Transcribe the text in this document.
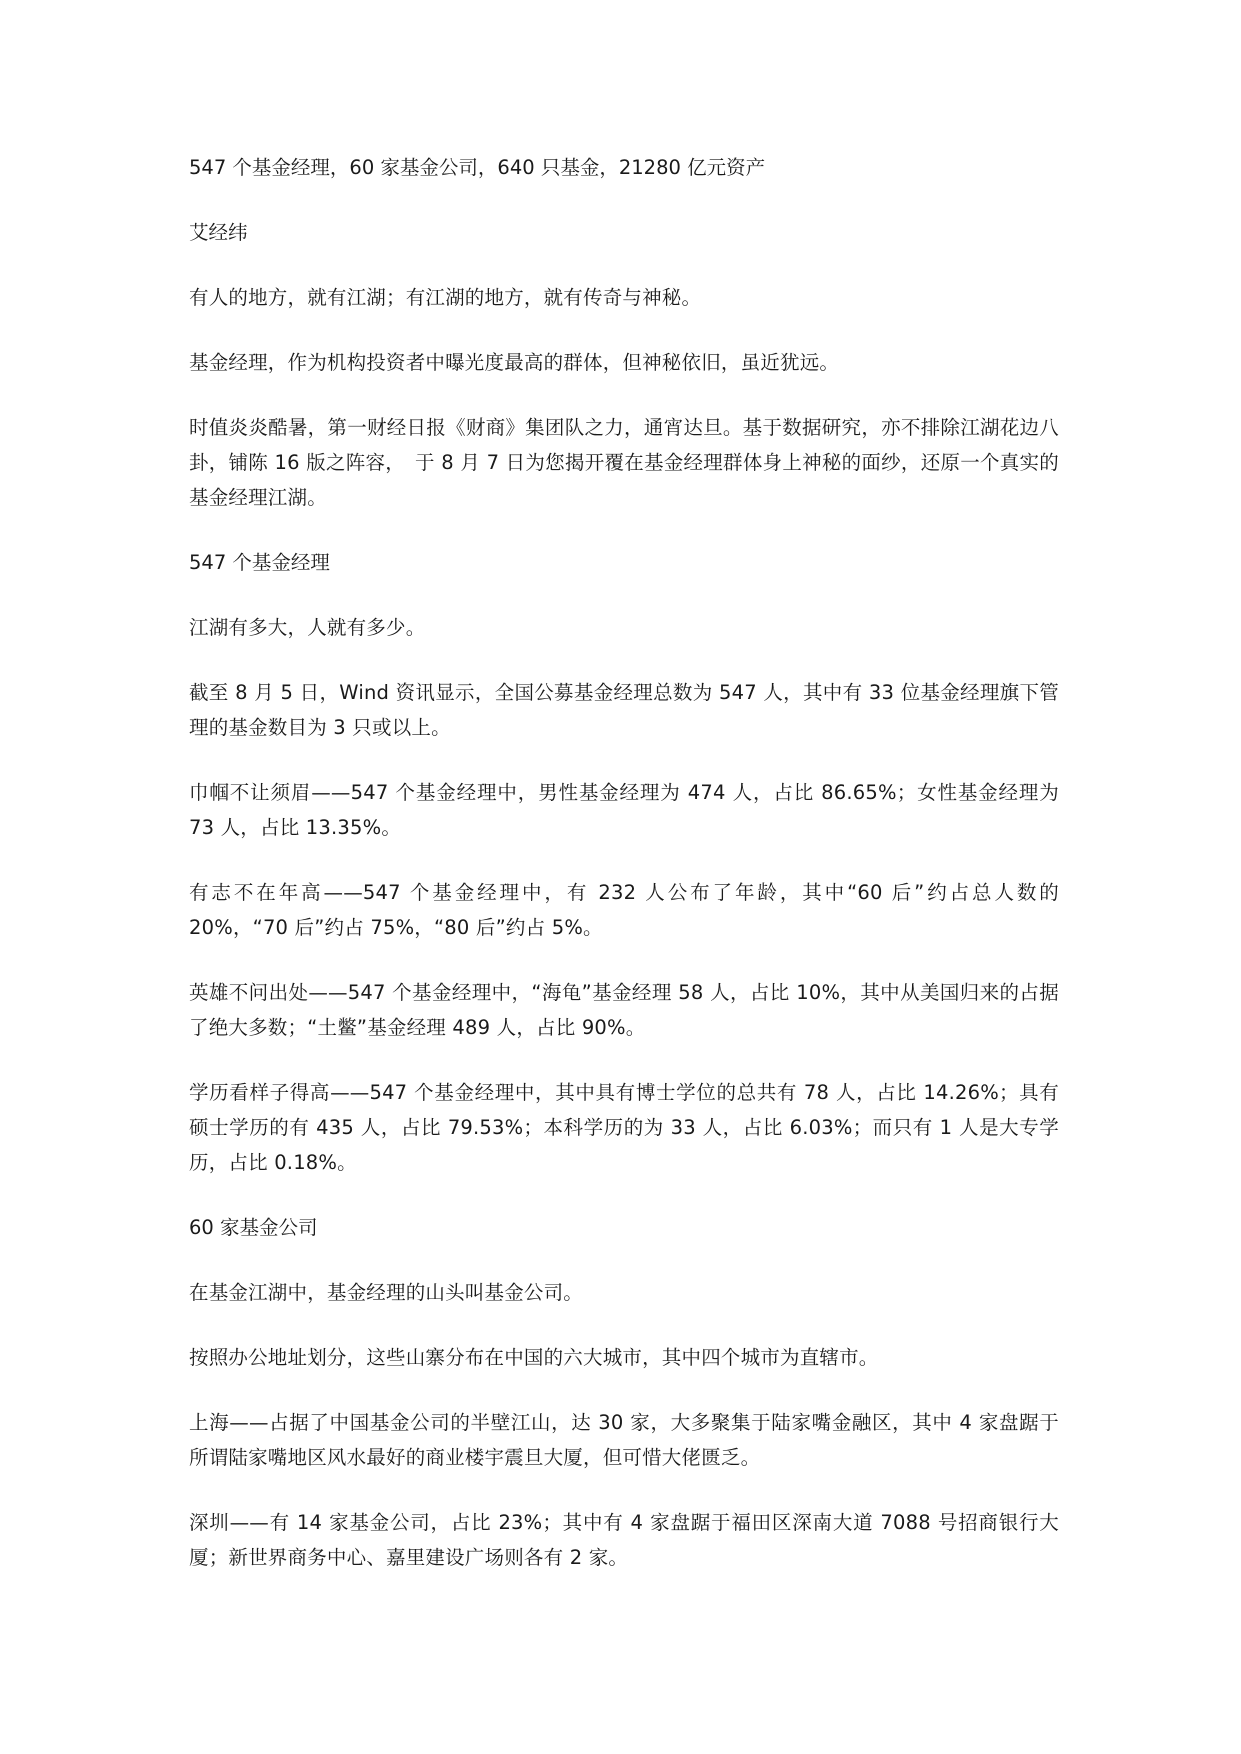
547 个基金经理，60 家基金公司，640 只基金，21280 亿元资产

艾经纬

有人的地方，就有江湖；有江湖的地方，就有传奇与神秘。

基金经理，作为机构投资者中曝光度最高的群体，但神秘依旧，虽近犹远。

时值炎炎酷暑，第一财经日报《财商》集团队之力，通宵达旦。基于数据研究，亦不排除江湖花边八卦，铺陈 16 版之阵容，　于 8 月 7 日为您揭开覆在基金经理群体身上神秘的面纱，还原一个真实的基金经理江湖。

547 个基金经理

江湖有多大，人就有多少。

截至 8 月 5 日，Wind 资讯显示，全国公募基金经理总数为 547 人，其中有 33 位基金经理旗下管理的基金数目为 3 只或以上。

巾帼不让须眉——547 个基金经理中，男性基金经理为 474 人，占比 86.65%；女性基金经理为 73 人，占比 13.35%。

有志不在年高——547 个基金经理中，有 232 人公布了年龄，其中“60 后”约占总人数的 20%，“70 后”约占 75%，“80 后”约占 5%。

英雄不问出处——547 个基金经理中，“海龟”基金经理 58 人，占比 10%，其中从美国归来的占据了绝大多数；“土鳖”基金经理 489 人，占比 90%。

学历看样子得高——547 个基金经理中，其中具有博士学位的总共有 78 人，占比 14.26%；具有硕士学历的有 435 人，占比 79.53%；本科学历的为 33 人，占比 6.03%；而只有 1 人是大专学历，占比 0.18%。

60 家基金公司

在基金江湖中，基金经理的山头叫基金公司。

按照办公地址划分，这些山寨分布在中国的六大城市，其中四个城市为直辖市。

上海——占据了中国基金公司的半壁江山，达 30 家，大多聚集于陆家嘴金融区，其中 4 家盘踞于所谓陆家嘴地区风水最好的商业楼宇震旦大厦，但可惜大佬匮乏。

深圳——有 14 家基金公司，占比 23%；其中有 4 家盘踞于福田区深南大道 7088 号招商银行大厦；新世界商务中心、嘉里建设广场则各有 2 家。
